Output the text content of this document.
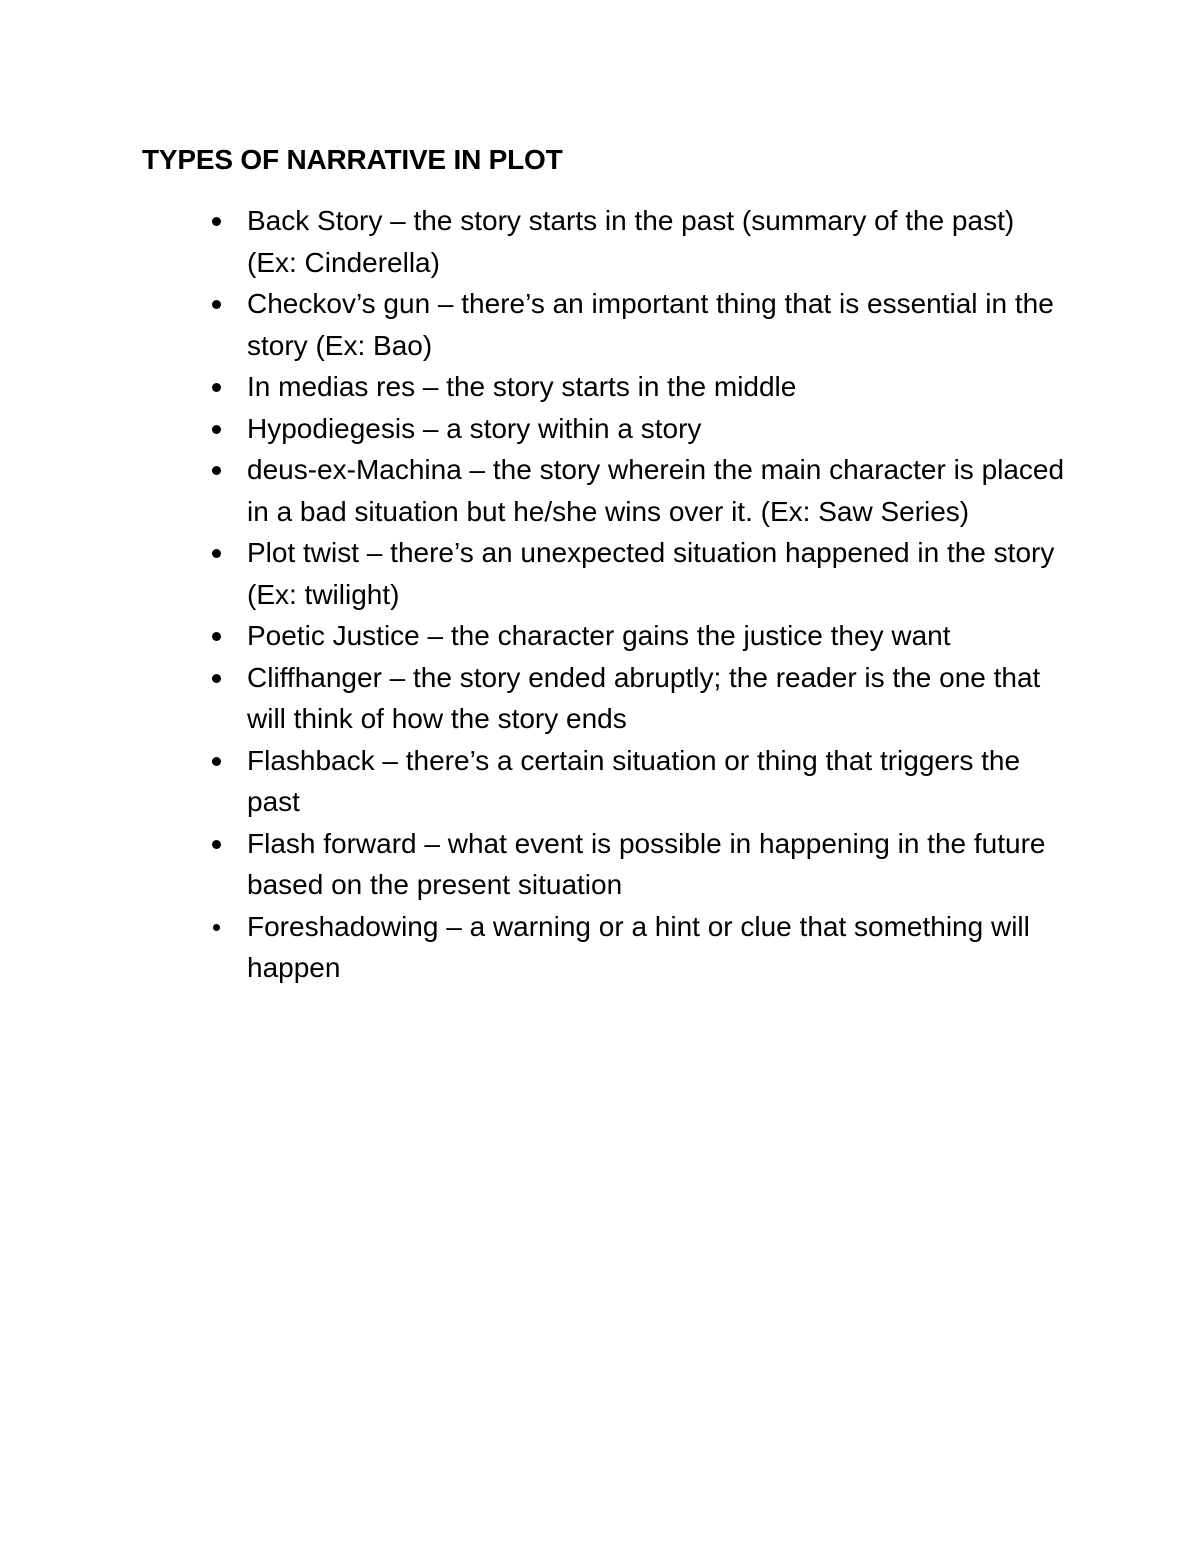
TYPES OF NARRATIVE IN PLOT
Back Story – the story starts in the past (summary of the past) (Ex: Cinderella)
Checkov’s gun – there’s an important thing that is essential in the story (Ex: Bao)
In medias res – the story starts in the middle
Hypodiegesis – a story within a story
deus-ex-Machina – the story wherein the main character is placed in a bad situation but he/she wins over it. (Ex: Saw Series)
Plot twist – there’s an unexpected situation happened in the story (Ex: twilight)
Poetic Justice – the character gains the justice they want
Cliffhanger – the story ended abruptly; the reader is the one that will think of how the story ends
Flashback – there’s a certain situation or thing that triggers the past
Flash forward – what event is possible in happening in the future based on the present situation
Foreshadowing – a warning or a hint or clue that something will happen
